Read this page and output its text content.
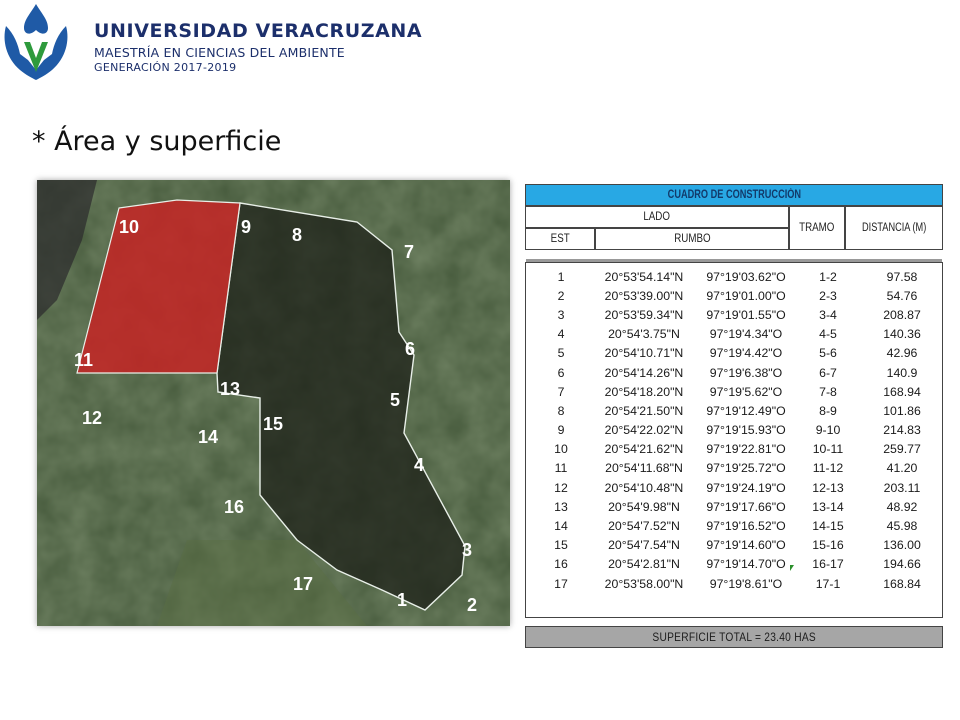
UNIVERSIDAD VERACRUZANA
MAESTRÍA EN CIENCIAS DEL AMBIENTE
GENERACIÓN 2017-2019
* Área y superficie
10	9 8
7
6
5
4
3
2
1
17
16
15
14
13
12
11
CUADRO DE CONSTRUCCIÓN
LADO
EST	RUMBO
TRAMO DISTANCIA (M)
1	20°53'54.14"N	97°19'03.62"O	1-2	97.58
2	20°53'39.00"N	97°19'01.00"O	2-3	54.76
3	20°53'59.34"N	97°19'01.55"O	3-4	208.87
4	20°54'3.75"N	97°19'4.34"O	4-5	140.36
5	20°54'10.71"N	97°19'4.42"O	5-6	42.96
6	20°54'14.26"N	97°19'6.38"O	6-7	140.9
7	20°54'18.20"N	97°19'5.62"O	7-8	168.94
8	20°54'21.50"N	97°19'12.49"O	8-9	101.86
9	20°54'22.02"N	97°19'15.93"O	9-10	214.83
10	20°54'21.62"N	97°19'22.81"O	10-11	259.77
11	20°54'11.68"N	97°19'25.72"O	11-12	41.20
12	20°54'10.48"N	97°19'24.19"O	12-13	203.11
13	20°54'9.98"N	97°19'17.66"O	13-14	48.92
14	20°54'7.52"N	97°19'16.52"O	14-15	45.98
15	20°54'7.54"N	97°19'14.60"O	15-16	136.00
16	20°54'2.81"N	97°19'14.70"O	16-17	194.66
17	20°53'58.00"N	97°19'8.61"O	17-1	168.84
SUPERFICIE TOTAL = 23.40 HAS
